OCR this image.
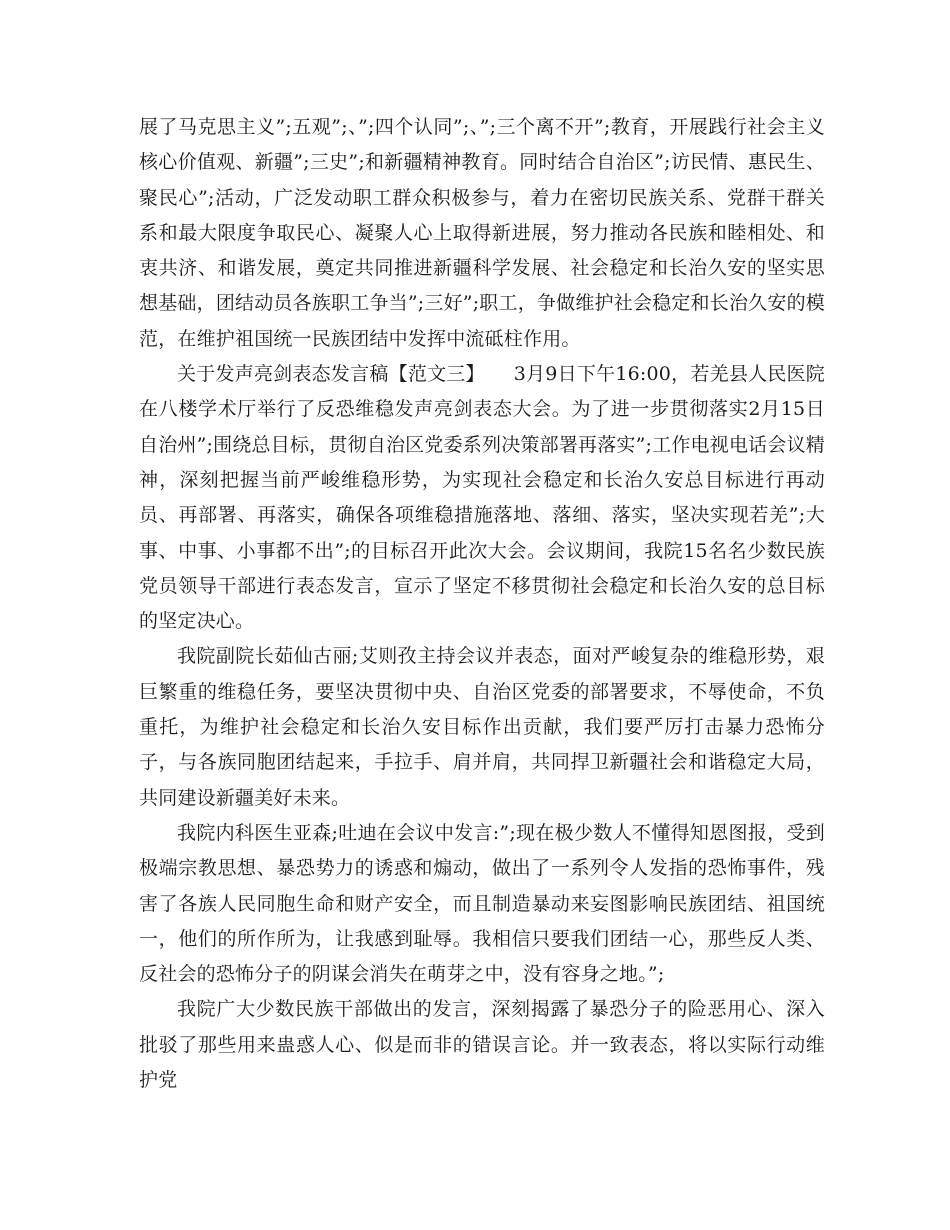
展了马克思主义”;五观”;、”;四个认同”;、”;三个离不开”;教育，开展践行社会主义核心价值观、新疆”;三史”;和新疆精神教育。同时结合自治区”;访民情、惠民生、聚民心”;活动，广泛发动职工群众积极参与，着力在密切民族关系、党群干群关系和最大限度争取民心、凝聚人心上取得新进展，努力推动各民族和睦相处、和衷共济、和谐发展，奠定共同推进新疆科学发展、社会稳定和长治久安的坚实思想基础，团结动员各族职工争当”;三好”;职工，争做维护社会稳定和长治久安的模范，在维护祖国统一民族团结中发挥中流砥柱作用。

关于发声亮剑表态发言稿【范文三】　　3月9日下午16:00，若羌县人民医院在八楼学术厅举行了反恐维稳发声亮剑表态大会。为了进一步贯彻落实2月15日自治州”;围绕总目标，贯彻自治区党委系列决策部署再落实”;工作电视电话会议精神，深刻把握当前严峻维稳形势，为实现社会稳定和长治久安总目标进行再动员、再部署、再落实，确保各项维稳措施落地、落细、落实，坚决实现若羌”;大事、中事、小事都不出”;的目标召开此次大会。会议期间，我院15名名少数民族党员领导干部进行表态发言，宣示了坚定不移贯彻社会稳定和长治久安的总目标的坚定决心。

我院副院长茹仙古丽;艾则孜主持会议并表态，面对严峻复杂的维稳形势，艰巨繁重的维稳任务，要坚决贯彻中央、自治区党委的部署要求，不辱使命，不负重托，为维护社会稳定和长治久安目标作出贡献，我们要严厉打击暴力恐怖分子，与各族同胞团结起来，手拉手、肩并肩，共同捍卫新疆社会和谐稳定大局，共同建设新疆美好未来。

我院内科医生亚森;吐迪在会议中发言:”;现在极少数人不懂得知恩图报，受到极端宗教思想、暴恐势力的诱惑和煽动，做出了一系列令人发指的恐怖事件，残害了各族人民同胞生命和财产安全，而且制造暴动来妄图影响民族团结、祖国统一，他们的所作所为，让我感到耻辱。我相信只要我们团结一心，那些反人类、反社会的恐怖分子的阴谋会消失在萌芽之中，没有容身之地。”;

我院广大少数民族干部做出的发言，深刻揭露了暴恐分子的险恶用心、深入批驳了那些用来蛊惑人心、似是而非的错误言论。并一致表态，将以实际行动维护党
